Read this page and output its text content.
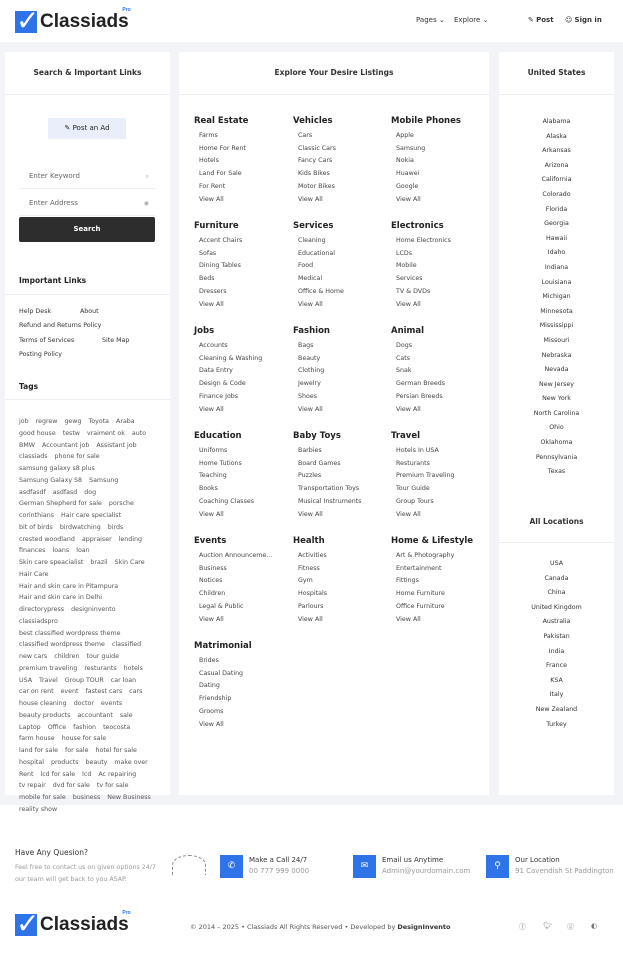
✓
Classiads
Pro
Pages ⌄ Explore ⌄	✎ Post ☺ Sign in
Search & Important Links
✎ Post an Ad
Enter Keyword	⌕
Enter Address	◉
Search
Important Links
Help Desk	About
Refund and Returns Policy
Terms of Services	Site Map
Posting Policy
Tags
job regrew gewg Toyota Araba good house testw vraiment ok auto BMW Accountant job Assistant job classiads phone for sale samsung galaxy s8 plus Samsung Galaxy S8 Samsung asdfasdf asdfasd dog German Shepherd for sale porsche corinthians Hair care specialist bit of birds birdwatching birds crested woodland appraiser lending finances loans loan Skin care speacialist brazil Skin Care Hair Care Hair and skin care in Pitampura Hair and skin care in Delhi directorypress designinvento classiadspro best classified wordpress theme classified wordpress theme classified new cars children tour guide premium traveling resturants hotels USA Travel Group TOUR car loan car on rent event fastest cars cars house cleaning doctor events beauty products accountant sale Laptop Office fashion teocosta farm house house for sale land for sale for sale hotel for sale hospital products beauty make over Rent lcd for sale lcd Ac repairing tv repair dvd for sale tv for sale mobile for sale business New Business reality show
Explore Your Desire Listings
Real Estate
Farms
Home For Rent
Hotels
Land For Sale
For Rent
View All
Vehicles
Cars
Classic Cars
Fancy Cars
Kids Bikes
Motor Bikes
View All
Mobile Phones
Apple
Samsung
Nokia
Huawei
Google
View All
Furniture
Accent Chairs
Sofas
Dining Tables
Beds
Dressers
View All
Services
Cleaning
Educational
Food
Medical
Office & Home
View All
Electronics
Home Electronics
LCDs
Mobile
Services
TV & DVDs
View All
Jobs
Accounts
Cleaning & Washing
Data Entry
Design & Code
Finance Jobs
View All
Fashion
Bags
Beauty
Clothing
Jewelry
Shoes
View All
Animal
Dogs
Cats
Snak
German Breeds
Persian Breeds
View All
Education
Uniforms
Home Tutions
Teaching
Books
Coaching Classes
View All
Baby Toys
Barbies
Board Games
Puzzles
Transportation Toys
Musical Instruments
View All
Travel
Hotels In USA
Resturants
Premium Traveling
Tour Guide
Group Tours
View All
Events
Auction Announceme...
Business
Notices
Children
Legal & Public
View All
Health
Activities
Fitness
Gym
Hospitals
Parlours
View All
Home & Lifestyle
Art & Photography
Entertainment
Fittings
Home Furniture
Office Furniture
View All
Matrimonial
Brides
Casual Dating
Dating
Friendship
Grooms
View All
United States
Alabama
Alaska
Arkansas
Arizona
California
Colorado
Florida
Georgia
Hawaii
Idaho
Indiana
Louisiana
Michigan
Minnesota
Mississippi
Missouri
Nebraska
Nevada
New Jersey
New York
North Carolina
Ohio
Oklahoma
Pennsylvania
Texas
All Locations
USA
Canada
China
United Kingdom
Australia
Pakistan
India
France
KSA
Italy
New Zealand
Turkey
Have Any Quesion?
Feel free to contact us on given options 24/7 our team will get back to you ASAP.
✆
Make a Call 24/7
00 777 999 0000	✉
Email us Anytime
Admin@yourdomain.com	⚲
Our Location
91 Cavendish St Paddington
✓
Classiads
Pro
© 2014 – 2025 • Classiads All Rights Reserved • Developed by DesignInvento	ⓕ 🐦︎ ⓖ ◐
